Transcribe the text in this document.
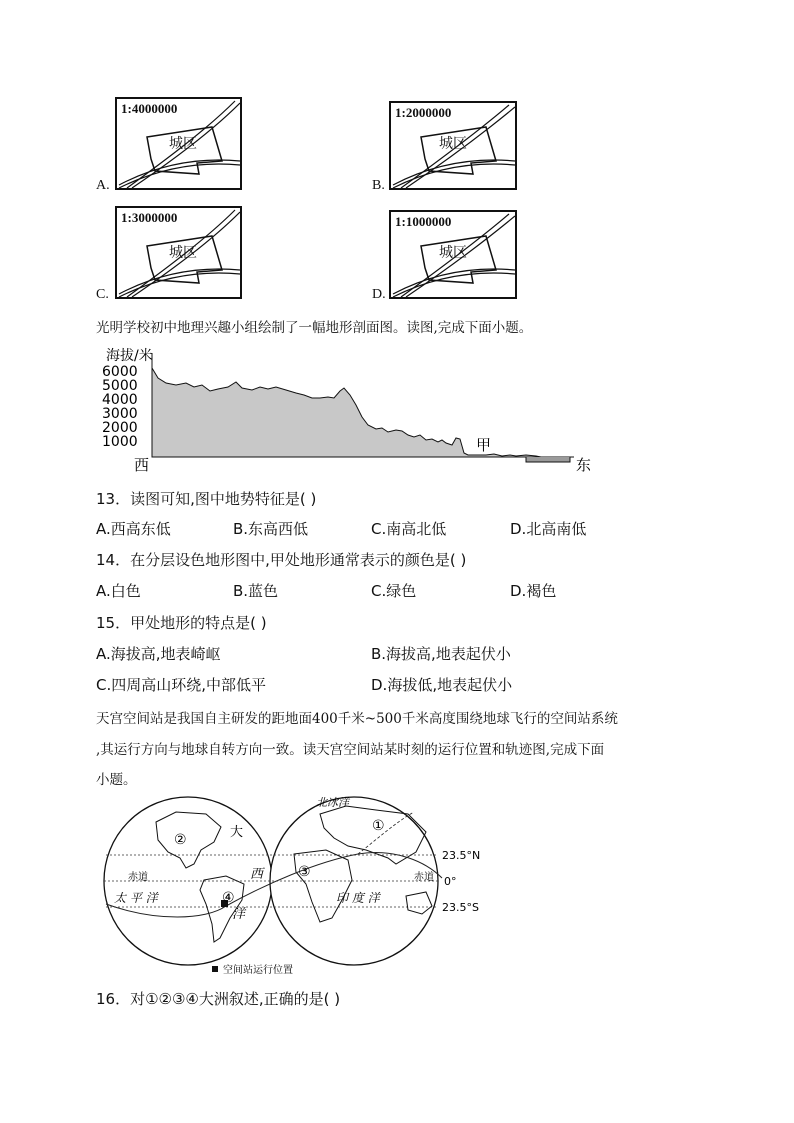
A.
1:4000000
城区
B.
1:2000000
城区
C.
1:3000000
城区
D.
1:1000000
城区
光明学校初中地理兴趣小组绘制了一幅地形剖面图。读图,完成下面小题。
海拔/米
6000
5000
4000
3000
2000
1000
西	东
甲
13．读图可知,图中地势特征是( )
A.西高东低	B.东高西低	C.南高北低	D.北高南低
14．在分层设色地形图中,甲处地形通常表示的颜色是( )
A.白色	B.蓝色	C.绿色	D.褐色
15．甲处地形的特点是( )
A.海拔高,地表崎岖	B.海拔高,地表起伏小
C.四周高山环绕,中部低平	D.海拔低,地表起伏小
天宫空间站是我国自主研发的距地面400千米~500千米高度围绕地球飞行的空间站系统
,其运行方向与地球自转方向一致。读天宫空间站某时刻的运行位置和轨迹图,完成下面
小题。
北冰洋
大
西
洋
太 平 洋	印 度 洋
赤道	赤道
23.5°N
0°
23.5°S
②
①
③
④
空间站运行位置
16．对①②③④大洲叙述,正确的是( )
